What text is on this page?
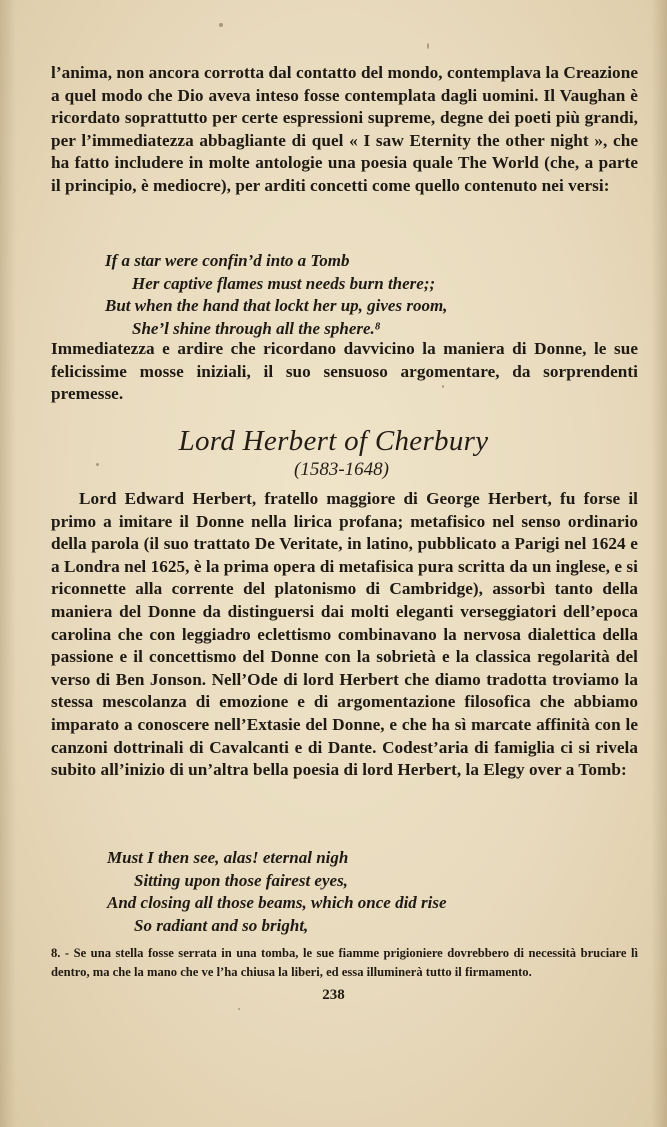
l’anima, non ancora corrotta dal contatto del mondo, contemplava la Creazione a quel modo che Dio aveva inteso fosse contemplata dagli uomini. Il Vaughan è ricordato soprattutto per certe espressioni supreme, degne dei poeti più grandi, per l’immediatezza abbagliante di quel « I saw Eternity the other night », che ha fatto includere in molte antologie una poesia quale The World (che, a parte il principio, è mediocre), per arditi concetti come quello contenuto nei versi:

If a star were confin’d into a Tomb
Her captive flames must needs burn there;;
But when the hand that lockt her up, gives room,
She’l shine through all the sphere.⁸

Immediatezza e ardire che ricordano davvicino la maniera di Donne, le sue felicissime mosse iniziali, il suo sensuoso argomentare, da sorprendenti premesse.

Lord Herbert of Cherbury
(1583-1648)

Lord Edward Herbert, fratello maggiore di George Herbert, fu forse il primo a imitare il Donne nella lirica profana; metafisico nel senso ordinario della parola (il suo trattato De Veritate, in latino, pubblicato a Parigi nel 1624 e a Londra nel 1625, è la prima opera di metafisica pura scritta da un inglese, e si riconnette alla corrente del platonismo di Cambridge), assorbì tanto della maniera del Donne da distinguersi dai molti eleganti verseggiatori dell’epoca carolina che con leggiadro eclettismo combinavano la nervosa dialettica della passione e il concettismo del Donne con la sobrietà e la classica regolarità del verso di Ben Jonson. Nell’Ode di lord Herbert che diamo tradotta troviamo la stessa mescolanza di emozione e di argomentazione filosofica che abbiamo imparato a conoscere nell’Extasie del Donne, e che ha sì marcate affinità con le canzoni dottrinali di Cavalcanti e di Dante. Codest’aria di famiglia ci si rivela subito all’inizio di un’altra bella poesia di lord Herbert, la Elegy over a Tomb:

Must I then see, alas! eternal nigh
Sitting upon those fairest eyes,
And closing all those beams, which once did rise
So radiant and so bright,

8. - Se una stella fosse serrata in una tomba, le sue fiamme prigioniere dovrebbero di necessità bruciare lì dentro, ma che la mano che ve l’ha chiusa la liberi, ed essa illuminerà tutto il firmamento.

238
